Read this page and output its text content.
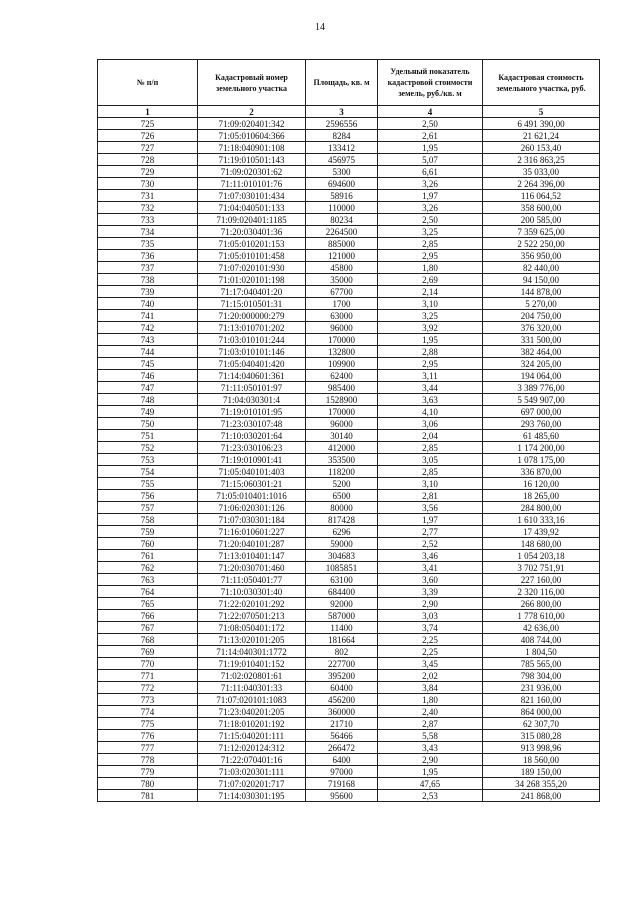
14
№ п/п	Кадастровый номер земельного участка	Площадь, кв. м	Удельный показатель кадастровой стоимости земель, руб./кв. м	Кадастровая стоимость земельного участка, руб.
1	2	3	4	5
725	71:09:020401:342	2596556	2,50	6 491 390,00
726	71:05:010604:366	8284	2,61	21 621,24
727	71:18:040901:108	133412	1,95	260 153,40
728	71:19:010501:143	456975	5,07	2 316 863,25
729	71:09:020301:62	5300	6,61	35 033,00
730	71:11:010101:76	694600	3,26	2 264 396,00
731	71:07:030101:434	58916	1,97	116 064,52
732	71:04:040501:133	110000	3,26	358 600,00
733	71:09:020401:1185	80234	2,50	200 585,00
734	71:20:030401:36	2264500	3,25	7 359 625,00
735	71:05:010201:153	885000	2,85	2 522 250,00
736	71:05:010101:458	121000	2,95	356 950,00
737	71:07:020101:930	45800	1,80	82 440,00
738	71:01:020101:198	35000	2,69	94 150,00
739	71:17:040401:20	67700	2,14	144 878,00
740	71:15:010501:31	1700	3,10	5 270,00
741	71:20:000000:279	63000	3,25	204 750,00
742	71:13:010701:202	96000	3,92	376 320,00
743	71:03:010101:244	170000	1,95	331 500,00
744	71:03:010101:146	132800	2,88	382 464,00
745	71:05:040401:420	109900	2,95	324 205,00
746	71:14:040601:361	62400	3,11	194 064,00
747	71:11:050101:97	985400	3,44	3 389 776,00
748	71:04:030301:4	1528900	3,63	5 549 907,00
749	71:19:010101:95	170000	4,10	697 000,00
750	71:23:030107:48	96000	3,06	293 760,00
751	71:10:030201:64	30140	2,04	61 485,60
752	71:23:030106:23	412000	2,85	1 174 200,00
753	71:19:010901:41	353500	3,05	1 078 175,00
754	71:05:040101:403	118200	2,85	336 870,00
755	71:15:060301:21	5200	3,10	16 120,00
756	71:05:010401:1016	6500	2,81	18 265,00
757	71:06:020301:126	80000	3,56	284 800,00
758	71:07:030301:184	817428	1,97	1 610 333,16
759	71:16:010601:227	6296	2,77	17 439,92
760	71:20:040101:287	59000	2,52	148 680,00
761	71:13:010401:147	304683	3,46	1 054 203,18
762	71:20:030701:460	1085851	3,41	3 702 751,91
763	71:11:050401:77	63100	3,60	227 160,00
764	71:10:030301:40	684400	3,39	2 320 116,00
765	71:22:020101:292	92000	2,90	266 800,00
766	71:22:070501:213	587000	3,03	1 778 610,00
767	71:08:050401:172	11400	3,74	42 636,00
768	71:13:020101:205	181664	2,25	408 744,00
769	71:14:040301:1772	802	2,25	1 804,50
770	71:19:010401:152	227700	3,45	785 565,00
771	71:02:020801:61	395200	2,02	798 304,00
772	71:11:040301:33	60400	3,84	231 936,00
773	71:07:020101:1083	456200	1,80	821 160,00
774	71:23:040201:205	360000	2,40	864 000,00
775	71:18:010201:192	21710	2,87	62 307,70
776	71:15:040201:111	56466	5,58	315 080,28
777	71:12:020124:312	266472	3,43	913 998,96
778	71:22:070401:16	6400	2,90	18 560,00
779	71:03:020301:111	97000	1,95	189 150,00
780	71:07:020201:717	719168	47,65	34 268 355,20
781	71:14:030301:195	95600	2,53	241 868,00
